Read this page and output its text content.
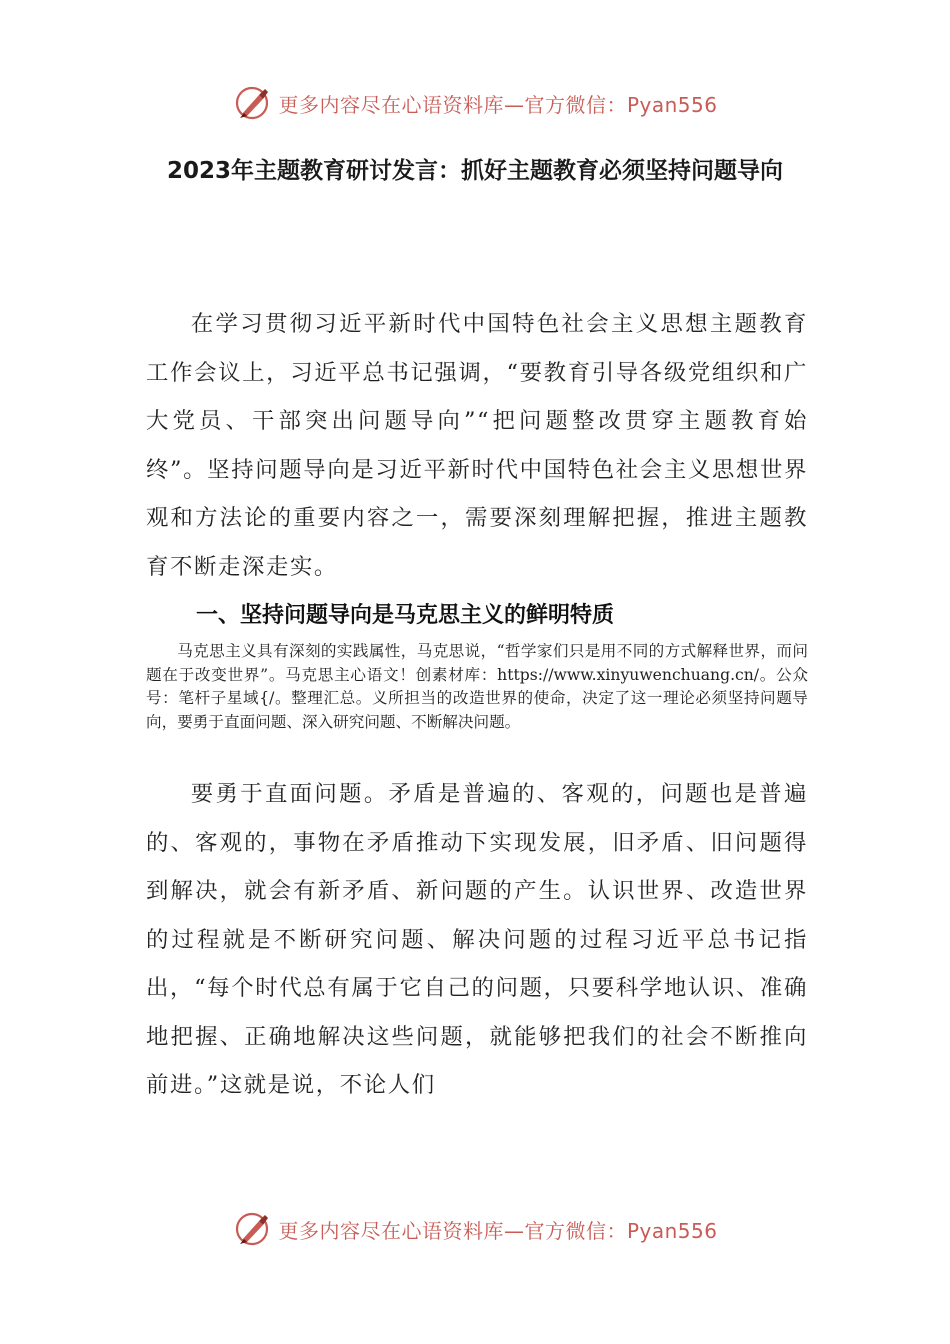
更多内容尽在心语资料库—官方微信：Pyan556
2023年主题教育研讨发言：抓好主题教育必须坚持问题导向

在学习贯彻习近平新时代中国特色社会主义思想主题教育工作会议上，习近平总书记强调，“要教育引导各级党组织和广大党员、干部突出问题导向”“把问题整改贯穿主题教育始终”。坚持问题导向是习近平新时代中国特色社会主义思想世界观和方法论的重要内容之一，需要深刻理解把握，推进主题教育不断走深走实。

一、坚持问题导向是马克思主义的鲜明特质

马克思主义具有深刻的实践属性，马克思说，“哲学家们只是用不同的方式解释世界，而问题在于改变世界”。马克思主心语文！创素材库：https://www.xinyuwenchuang.cn/。公众号：笔杆子星域{/。整理汇总。义所担当的改造世界的使命，决定了这一理论必须坚持问题导向，要勇于直面问题、深入研究问题、不断解决问题。

要勇于直面问题。矛盾是普遍的、客观的，问题也是普遍的、客观的，事物在矛盾推动下实现发展，旧矛盾、旧问题得到解决，就会有新矛盾、新问题的产生。认识世界、改造世界的过程就是不断研究问题、解决问题的过程习近平总书记指出，“每个时代总有属于它自己的问题，只要科学地认识、准确地把握、正确地解决这些问题，就能够把我们的社会不断推向前进。”这就是说，不论人们

更多内容尽在心语资料库—官方微信：Pyan556
